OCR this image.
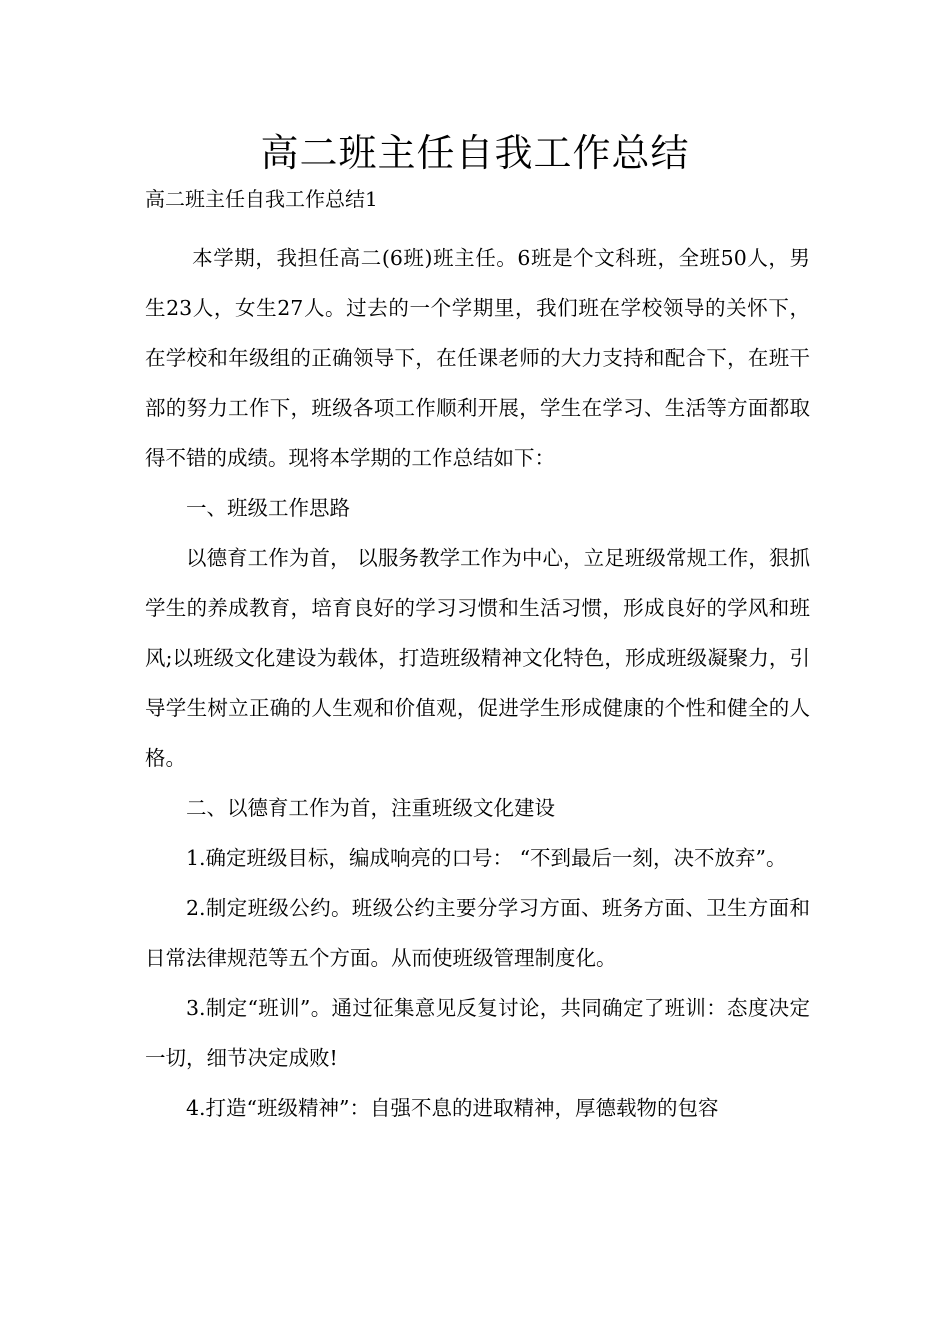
高二班主任自我工作总结
高二班主任自我工作总结1

本学期，我担任高二(6班)班主任。6班是个文科班，全班50人，男生23人，女生27人。过去的一个学期里，我们班在学校领导的关怀下，在学校和年级组的正确领导下，在任课老师的大力支持和配合下，在班干部的努力工作下，班级各项工作顺利开展，学生在学习、生活等方面都取得不错的成绩。现将本学期的工作总结如下：

一、班级工作思路

以德育工作为首， 以服务教学工作为中心，立足班级常规工作，狠抓学生的养成教育，培育良好的学习习惯和生活习惯，形成良好的学风和班风;以班级文化建设为载体，打造班级精神文化特色，形成班级凝聚力，引导学生树立正确的人生观和价值观，促进学生形成健康的个性和健全的人格。

二、以德育工作为首，注重班级文化建设

1.确定班级目标，编成响亮的口号： “不到最后一刻，决不放弃”。

2.制定班级公约。班级公约主要分学习方面、班务方面、卫生方面和日常法律规范等五个方面。从而使班级管理制度化。

3.制定“班训”。通过征集意见反复讨论，共同确定了班训：态度决定一切，细节决定成败!

4.打造“班级精神”：自强不息的进取精神，厚德载物的包容
